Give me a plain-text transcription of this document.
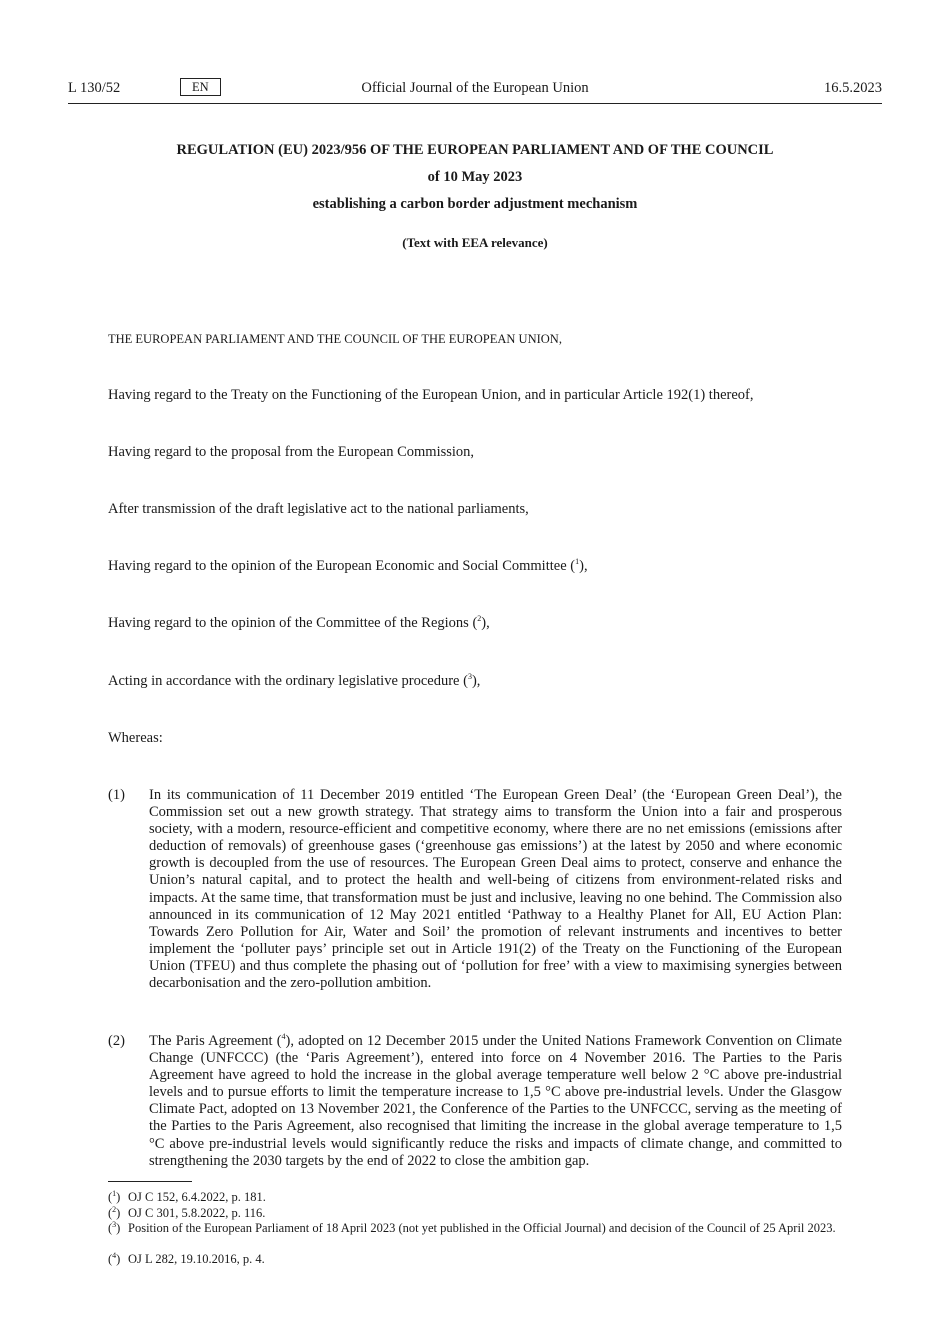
L 130/52	EN	Official Journal of the European Union	16.5.2023
REGULATION (EU) 2023/956 OF THE EUROPEAN PARLIAMENT AND OF THE COUNCIL
of 10 May 2023
establishing a carbon border adjustment mechanism
(Text with EEA relevance)
THE EUROPEAN PARLIAMENT AND THE COUNCIL OF THE EUROPEAN UNION,
Having regard to the Treaty on the Functioning of the European Union, and in particular Article 192(1) thereof,
Having regard to the proposal from the European Commission,
After transmission of the draft legislative act to the national parliaments,
Having regard to the opinion of the European Economic and Social Committee ($^1$),
Having regard to the opinion of the Committee of the Regions ($^2$),
Acting in accordance with the ordinary legislative procedure ($^3$),
Whereas:
(1) In its communication of 11 December 2019 entitled ‘The European Green Deal’ (the ‘European Green Deal’), the Commission set out a new growth strategy. That strategy aims to transform the Union into a fair and prosperous society, with a modern, resource-efficient and competitive economy, where there are no net emissions (emissions after deduction of removals) of greenhouse gases (‘greenhouse gas emissions’) at the latest by 2050 and where economic growth is decoupled from the use of resources. The European Green Deal aims to protect, conserve and enhance the Union’s natural capital, and to protect the health and well-being of citizens from environment-related risks and impacts. At the same time, that transformation must be just and inclusive, leaving no one behind. The Commission also announced in its communication of 12 May 2021 entitled ‘Pathway to a Healthy Planet for All, EU Action Plan: Towards Zero Pollution for Air, Water and Soil’ the promotion of relevant instruments and incentives to better implement the ‘polluter pays’ principle set out in Article 191(2) of the Treaty on the Functioning of the European Union (TFEU) and thus complete the phasing out of ‘pollution for free’ with a view to maximising synergies between decarbonisation and the zero-pollution ambition.
(2) The Paris Agreement ($^4$), adopted on 12 December 2015 under the United Nations Framework Convention on Climate Change (UNFCCC) (the ‘Paris Agreement’), entered into force on 4 November 2016. The Parties to the Paris Agreement have agreed to hold the increase in the global average temperature well below 2 °C above pre-industrial levels and to pursue efforts to limit the temperature increase to 1,5 °C above pre-industrial levels. Under the Glasgow Climate Pact, adopted on 13 November 2021, the Conference of the Parties to the UNFCCC, serving as the meeting of the Parties to the Paris Agreement, also recognised that limiting the increase in the global average temperature to 1,5 °C above pre-industrial levels would significantly reduce the risks and impacts of climate change, and committed to strengthening the 2030 targets by the end of 2022 to close the ambition gap.
($^1$) OJ C 152, 6.4.2022, p. 181.
($^2$) OJ C 301, 5.8.2022, p. 116.
($^3$) Position of the European Parliament of 18 April 2023 (not yet published in the Official Journal) and decision of the Council of 25 April 2023.
($^4$) OJ L 282, 19.10.2016, p. 4.
